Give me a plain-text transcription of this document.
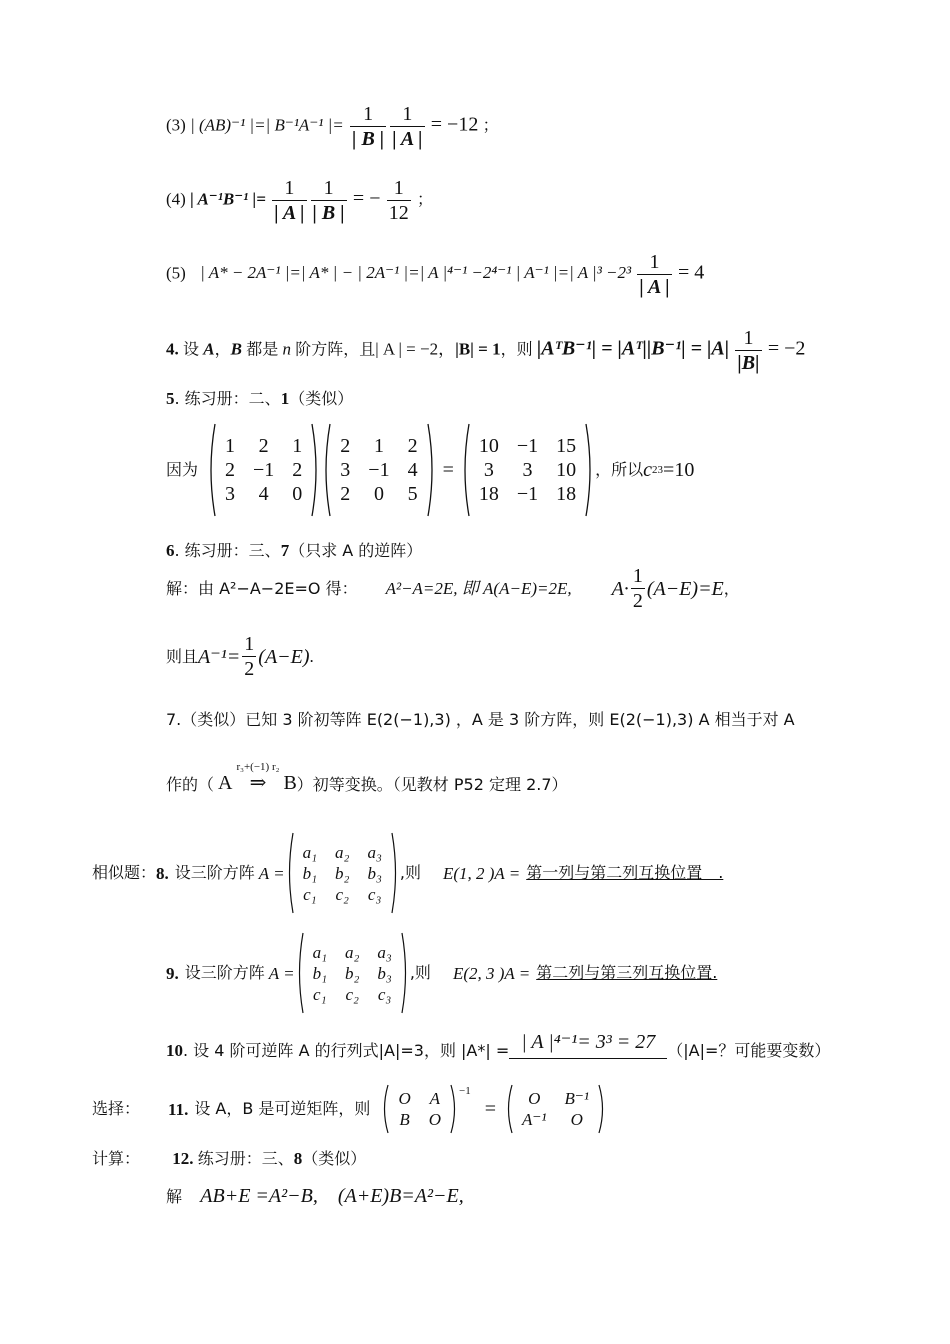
(3) | (AB)⁻¹ |=| B⁻¹A⁻¹ |= $\frac{1}{| B |} \frac{1}{| A |} = -12$ ；
(4) | A⁻¹B⁻¹ |= $\frac{1}{| A |} \frac{1}{| B |}$ = − $\frac{1}{12}$ ；
(5) | A* − 2A⁻¹ |=| A* | − | 2A⁻¹ |=| A |⁴⁻¹ −2⁴⁻¹ | A⁻¹ |=| A $|^3 -2^3 \frac{1}{| A |} = 4$
4. 设 A，B 都是 n 阶方阵，且| A | = −2，|B| = 1，则 |AᵀB⁻¹| = |Aᵀ||B⁻¹| = $|A| \frac{1}{|B|} = -2$
5. 练习册：二、1（类似）
因为
1	2	1
2	−1	2
3	4	0
2	1	2
3	−1	4
2	0	5
=
10	−1	15
3	3	10
18	−1	18
，所以 c 23 =10
6. 练习册：三、7（只求 A 的逆阵）
解：由 A²−A−2E=O 得： A²−A=2E, 即 A(A−E)=2E, $A\cdot \frac{1}{2} (A-E)=E$ ，
则且 $A^{-1}= \frac{1}{2} (A-E)$ .
7.（类似）已知 3 阶初等阵 E(2(−1),3) ，A 是 3 阶方阵，则 E(2(−1),3) A 相当于对 A
作的（ A
r₃+(−1) r₂
⇒ B ）初等变换。（见教材 P52 定理 2.7）
相似题： 8. 设三阶方阵 A =
a₁	a₂	a₃
b₁	b₂	b₃
c₁	c₂	c₃
,则 E(1, 2 )A = 第一列与第二列互换位置　.
9. 设三阶方阵 A =
a₁	a₂	a₃
b₁	b₂	b₃
c₁	c₂	c₃
,则 E(2, 3 )A = 第二列与第三列互换位置.
10 . 设 4 阶可逆阵 A 的行列式|A|=3，则 |A*| = | A |⁴⁻¹= 3³ = 27 （|A|=？可能要变数）
选择： 11. 设 A，B 是可逆矩阵，则
O	A
B	O
$^{-1}$
= O	B⁻¹
A⁻¹	O
计算： 12. 练习册：三、8（类似）
解 AB+E =A²−B,　(A+E)B=A²−E,
